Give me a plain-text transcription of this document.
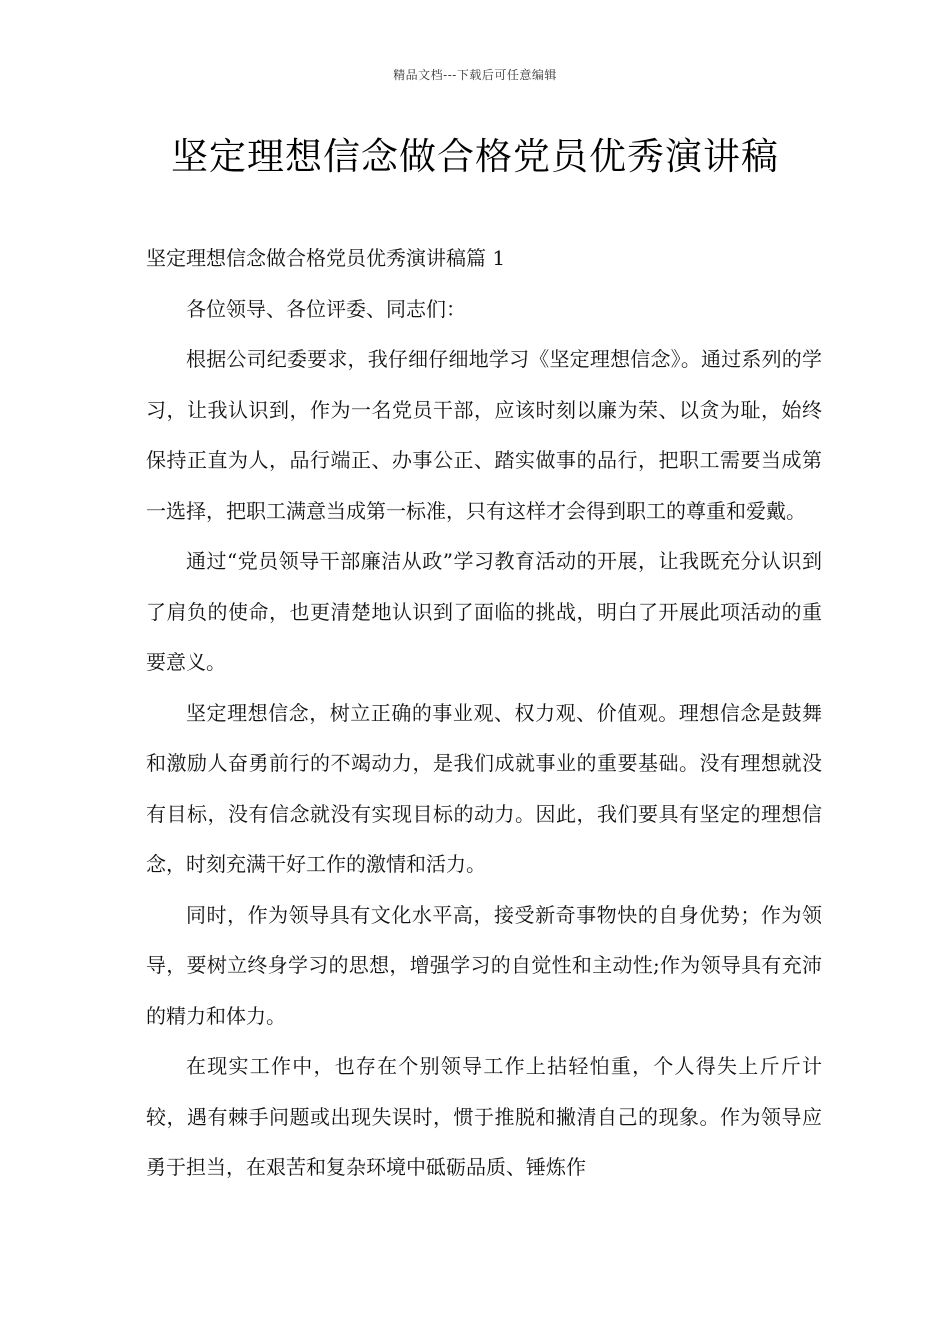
精品文档---下载后可任意编辑
坚定理想信念做合格党员优秀演讲稿

坚定理想信念做合格党员优秀演讲稿篇 1

各位领导、各位评委、同志们：

根据公司纪委要求，我仔细仔细地学习《坚定理想信念》。通过系列的学习，让我认识到，作为一名党员干部，应该时刻以廉为荣、以贪为耻，始终保持正直为人，品行端正、办事公正、踏实做事的品行，把职工需要当成第一选择，把职工满意当成第一标准，只有这样才会得到职工的尊重和爱戴。

通过“党员领导干部廉洁从政”学习教育活动的开展，让我既充分认识到了肩负的使命，也更清楚地认识到了面临的挑战，明白了开展此项活动的重要意义。

坚定理想信念，树立正确的事业观、权力观、价值观。理想信念是鼓舞和激励人奋勇前行的不竭动力，是我们成就事业的重要基础。没有理想就没有目标，没有信念就没有实现目标的动力。因此，我们要具有坚定的理想信念，时刻充满干好工作的激情和活力。

同时，作为领导具有文化水平高，接受新奇事物快的自身优势；作为领导，要树立终身学习的思想，增强学习的自觉性和主动性;作为领导具有充沛的精力和体力。

在现实工作中，也存在个别领导工作上拈轻怕重，个人得失上斤斤计较，遇有棘手问题或出现失误时，惯于推脱和撇清自己的现象。作为领导应勇于担当，在艰苦和复杂环境中砥砺品质、锤炼作
